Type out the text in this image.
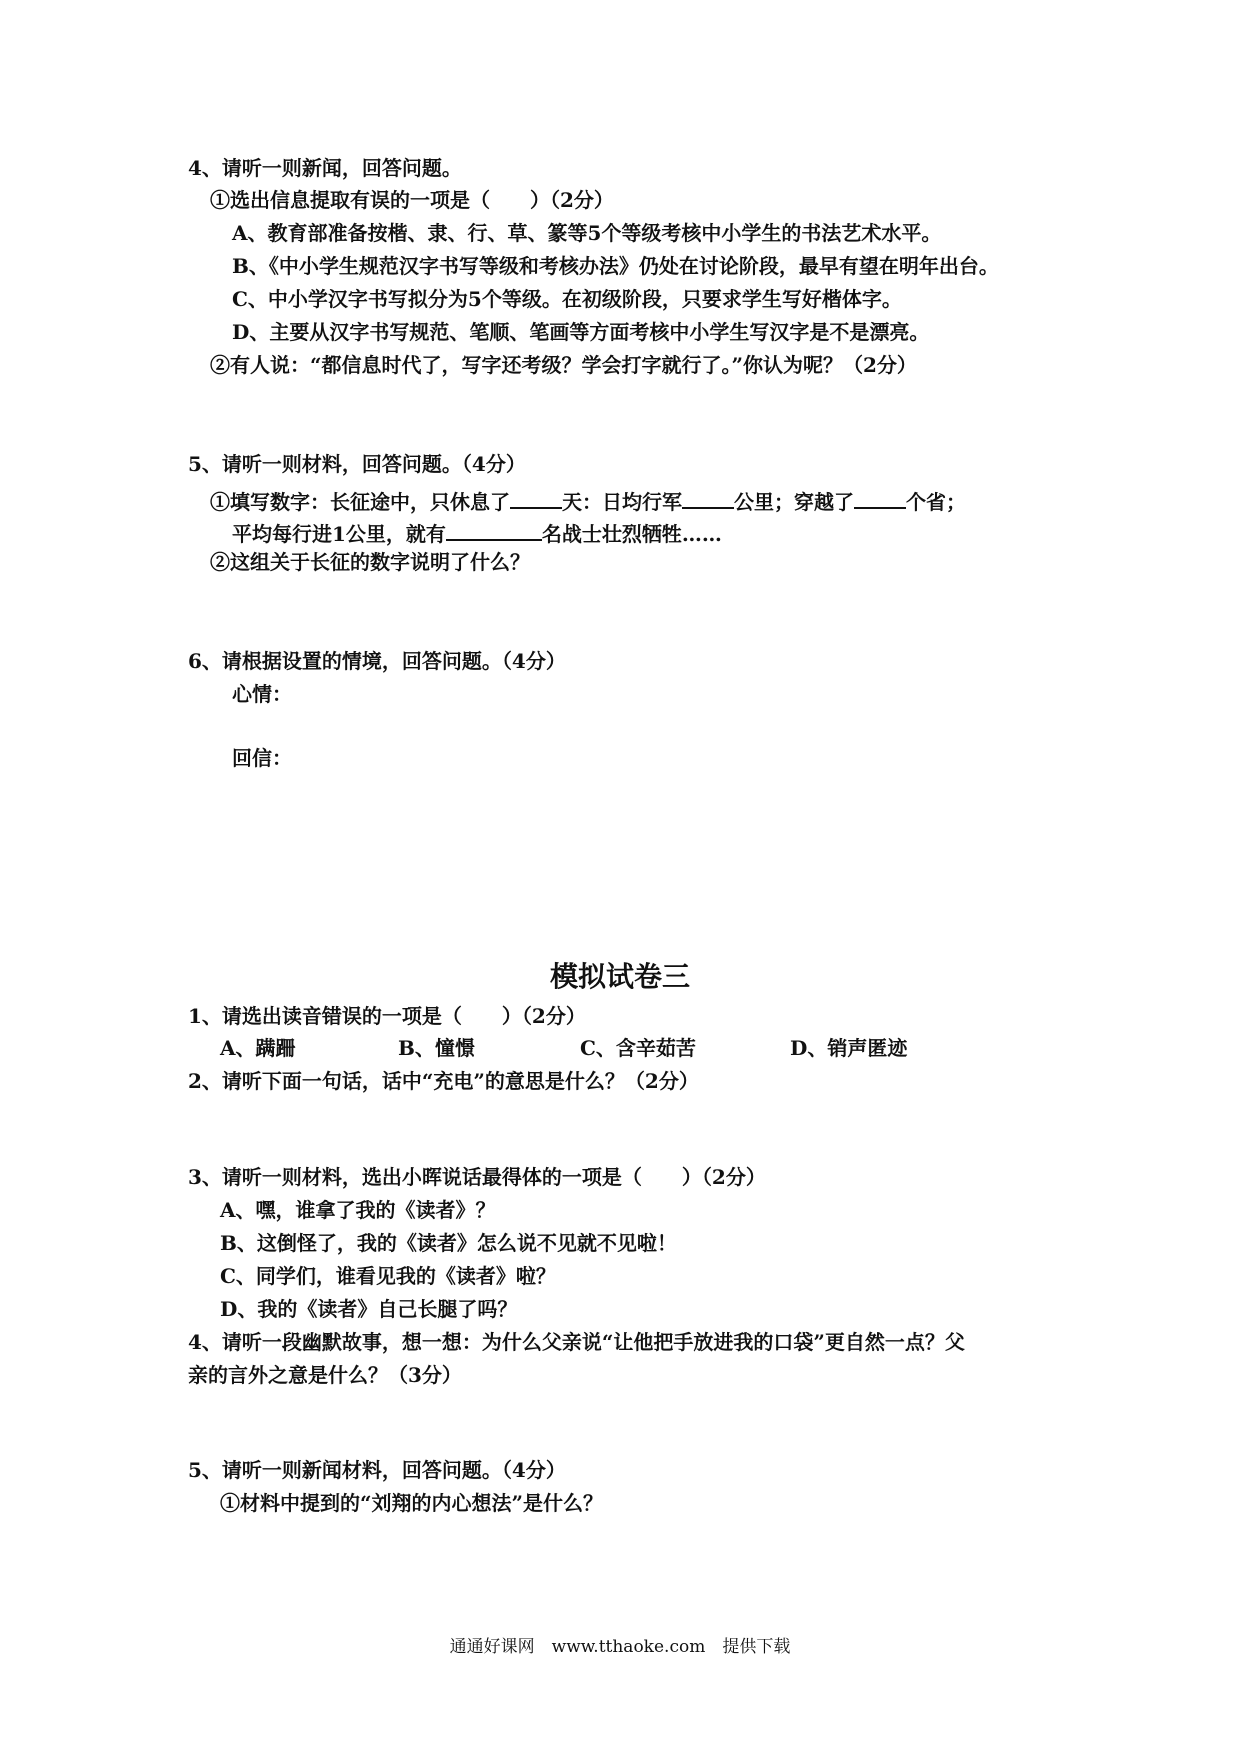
4、请听一则新闻，回答问题。
①选出信息提取有误的一项是（　　）（2分）
A、教育部准备按楷、隶、行、草、篆等5个等级考核中小学生的书法艺术水平。
B、《中小学生规范汉字书写等级和考核办法》仍处在讨论阶段，最早有望在明年出台。
C、中小学汉字书写拟分为5个等级。在初级阶段，只要求学生写好楷体字。
D、主要从汉字书写规范、笔顺、笔画等方面考核中小学生写汉字是不是漂亮。
②有人说：“都信息时代了，写字还考级？学会打字就行了。”你认为呢？（2分）
5、请听一则材料，回答问题。（4分）
①填写数字：长征途中，只休息了	天：日均行军	公里；穿越了	个省；
平均每行进1公里，就有	名战士壮烈牺牲……
②这组关于长征的数字说明了什么？
6、请根据设置的情境，回答问题。（4分）
心情：
回信：
模拟试卷三
1、请选出读音错误的一项是（　　）（2分）
A、蹒跚	B、憧憬	C、含辛茹苦	D、销声匿迹
2、请听下面一句话，话中“充电”的意思是什么？（2分）
3、请听一则材料，选出小晖说话最得体的一项是（　　）（2分）
A、嘿，谁拿了我的《读者》？
B、这倒怪了，我的《读者》怎么说不见就不见啦！
C、同学们，谁看见我的《读者》啦？
D、我的《读者》自己长腿了吗？
4、请听一段幽默故事，想一想：为什么父亲说“让他把手放进我的口袋”更自然一点？父
亲的言外之意是什么？（3分）
5、请听一则新闻材料，回答问题。（4分）
①材料中提到的“刘翔的内心想法”是什么？
通通好课网　www.tthaoke.com　提供下载
